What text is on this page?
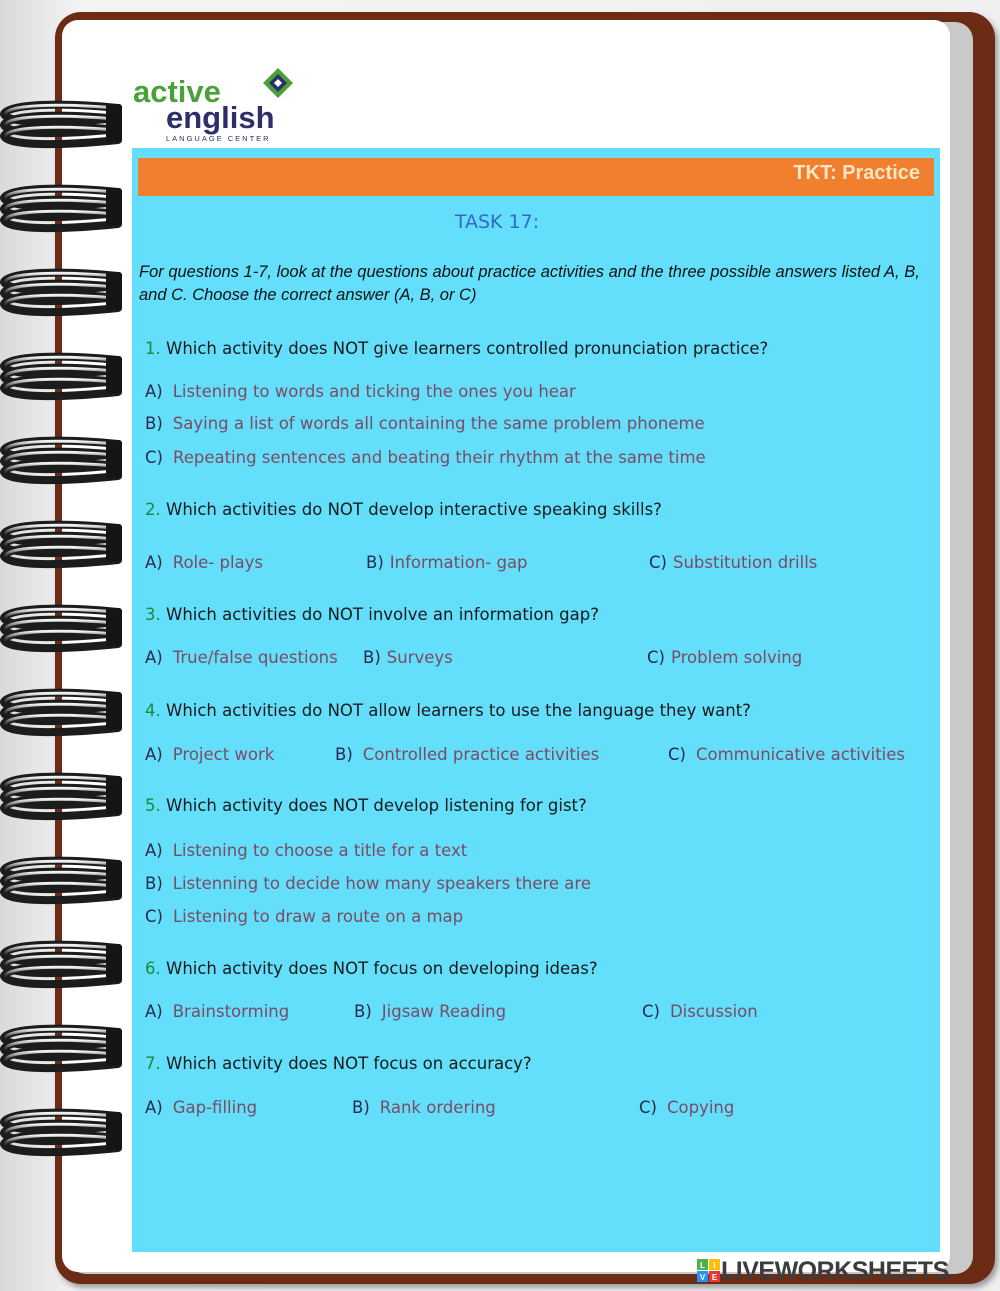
active
english
LANGUAGE CENTER
TKT: Practice
TASK 17:
For questions 1-7, look at the questions about practice activities and the three possible answers listed A, B, and C. Choose the correct answer (A, B, or C)
1. Which activity does NOT give learners controlled pronunciation practice?
A) Listening to words and ticking the ones you hear
B) Saying a list of words all containing the same problem phoneme
C) Repeating sentences and beating their rhythm at the same time
2. Which activities do NOT develop interactive speaking skills?
A) Role- plays	B) Information- gap	C) Substitution drills
3. Which activities do NOT involve an information gap?
A) True/false questions B) Surveys	C) Problem solving
4. Which activities do NOT allow learners to use the language they want?
A) Project work	B) Controlled practice activities	C) Communicative activities
5. Which activity does NOT develop listening for gist?
A) Listening to choose a title for a text
B) Listenning to decide how many speakers there are
C) Listening to draw a route on a map
6. Which activity does NOT focus on developing ideas?
A) Brainstorming	B) Jigsaw Reading	C) Discussion
7. Which activity does NOT focus on accuracy?
A) Gap-filling	B) Rank ordering	C) Copying
L I
V E LIVEWORKSHEETS
